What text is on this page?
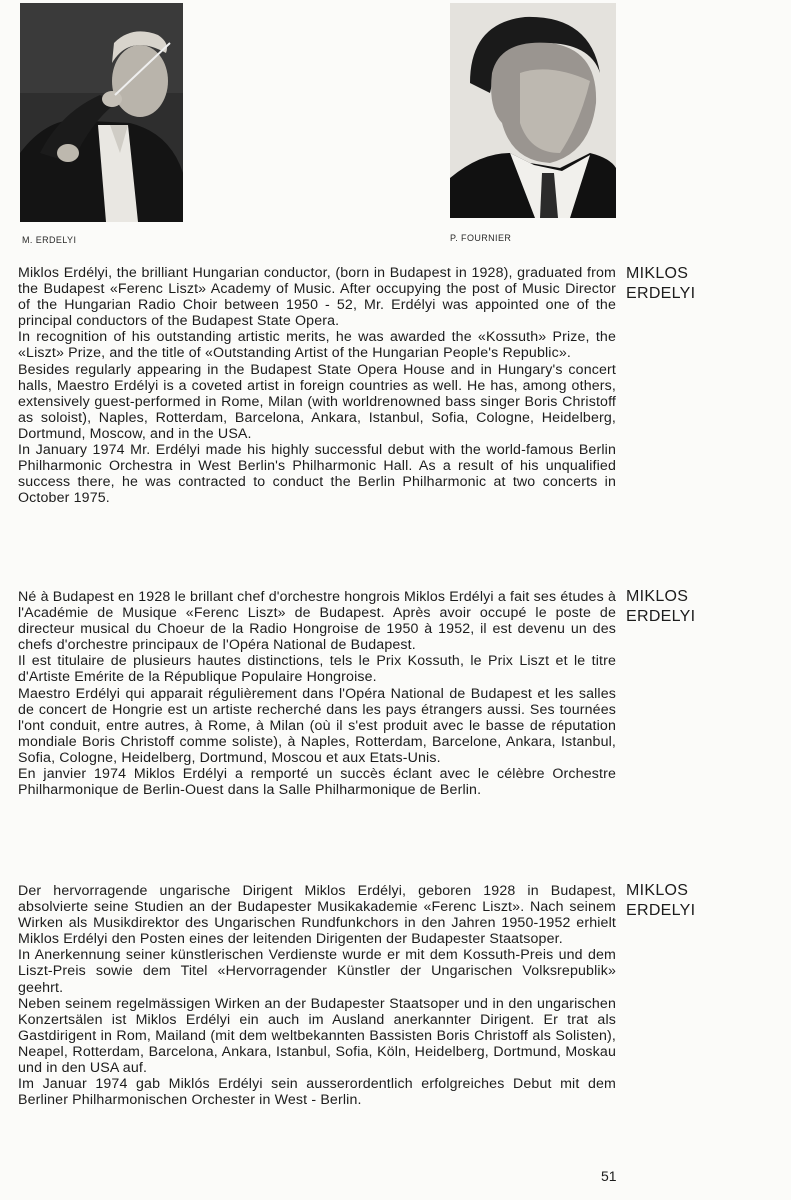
M. ERDELYI	P. FOURNIER

Miklos Erdélyi, the brilliant Hungarian conductor, (born in Budapest in 1928), graduated from the Budapest «Ferenc Liszt» Academy of Music. After occupying the post of Music Director of the Hungarian Radio Choir between 1950 - 52, Mr. Erdélyi was appointed one of the principal conductors of the Budapest State Opera.

In recognition of his outstanding artistic merits, he was awarded the «Kossuth» Prize, the «Liszt» Prize, and the title of «Outstanding Artist of the Hungarian People's Republic».

Besides regularly appearing in the Budapest State Opera House and in Hungary's concert halls, Maestro Erdélyi is a coveted artist in foreign countries as well. He has, among others, extensively guest-performed in Rome, Milan (with worldrenowned bass singer Boris Christoff as soloist), Naples, Rotterdam, Barcelona, Ankara, Istanbul, Sofia, Cologne, Heidelberg, Dortmund, Moscow, and in the USA.

In January 1974 Mr. Erdélyi made his highly successful debut with the world-famous Berlin Philharmonic Orchestra in West Berlin's Philharmonic Hall. As a result of his unqualified success there, he was contracted to conduct the Berlin Philharmonic at two concerts in October 1975.

MIKLOS
ERDELYI

Né à Budapest en 1928 le brillant chef d'orchestre hongrois Miklos Erdélyi a fait ses études à l'Académie de Musique «Ferenc Liszt» de Budapest. Après avoir occupé le poste de directeur musical du Choeur de la Radio Hongroise de 1950 à 1952, il est devenu un des chefs d'orchestre principaux de l'Opéra National de Budapest.

Il est titulaire de plusieurs hautes distinctions, tels le Prix Kossuth, le Prix Liszt et le titre d'Artiste Emérite de la République Populaire Hongroise.

Maestro Erdélyi qui apparait régulièrement dans l'Opéra National de Budapest et les salles de concert de Hongrie est un artiste recherché dans les pays étrangers aussi. Ses tournées l'ont conduit, entre autres, à Rome, à Milan (où il s'est produit avec le basse de réputation mondiale Boris Christoff comme soliste), à Naples, Rotterdam, Barcelone, Ankara, Istanbul, Sofia, Cologne, Heidelberg, Dortmund, Moscou et aux Etats-Unis.

En janvier 1974 Miklos Erdélyi a remporté un succès éclant avec le célèbre Orchestre Philharmonique de Berlin-Ouest dans la Salle Philharmonique de Berlin.

MIKLOS
ERDELYI

Der hervorragende ungarische Dirigent Miklos Erdélyi, geboren 1928 in Budapest, absolvierte seine Studien an der Budapester Musikakademie «Ferenc Liszt». Nach seinem Wirken als Musikdirektor des Ungarischen Rundfunkchors in den Jahren 1950-1952 erhielt Miklos Erdélyi den Posten eines der leitenden Dirigenten der Budapester Staatsoper.

In Anerkennung seiner künstlerischen Verdienste wurde er mit dem Kossuth-Preis und dem Liszt-Preis sowie dem Titel «Hervorragender Künstler der Ungarischen Volksrepublik» geehrt.

Neben seinem regelmässigen Wirken an der Budapester Staatsoper und in den ungarischen Konzertsälen ist Miklos Erdélyi ein auch im Ausland anerkannter Dirigent. Er trat als Gastdirigent in Rom, Mailand (mit dem weltbekannten Bassisten Boris Christoff als Solisten), Neapel, Rotterdam, Barcelona, Ankara, Istanbul, Sofia, Köln, Heidelberg, Dortmund, Moskau und in den USA auf.

Im Januar 1974 gab Miklós Erdélyi sein ausserordentlich erfolgreiches Debut mit dem Berliner Philharmonischen Orchester in West - Berlin.

MIKLOS
ERDELYI
51
